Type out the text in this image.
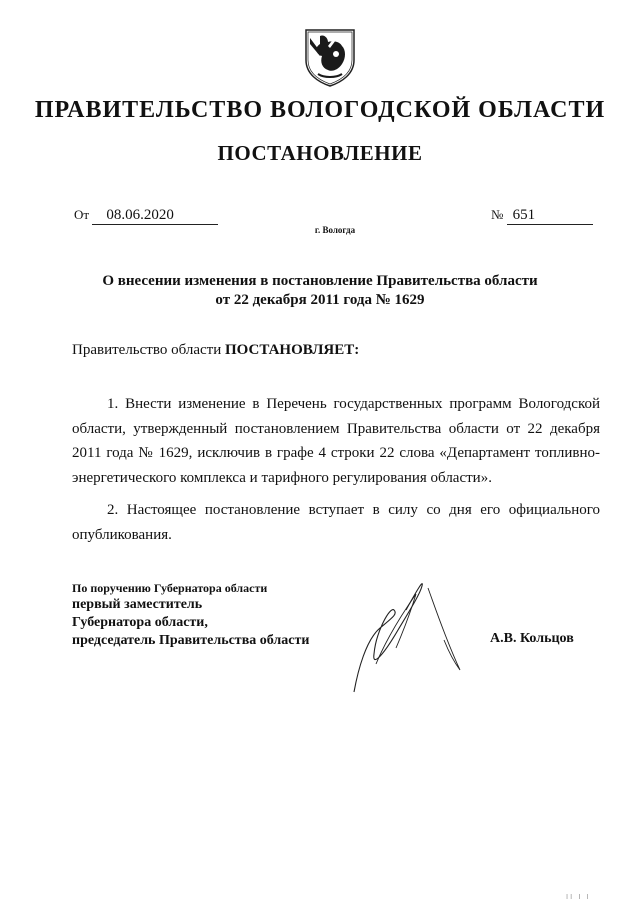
ПРАВИТЕЛЬСТВО ВОЛОГОДСКОЙ ОБЛАСТИ
ПОСТАНОВЛЕНИЕ
От 08.06.2020	№ 651
г. Вологда
О внесении изменения в постановление Правительства области
от 22 декабря 2011 года № 1629
Правительство области ПОСТАНОВЛЯЕТ:
1. Внести изменение в Перечень государственных программ Вологодской области, утвержденный постановлением Правительства области от 22 декабря 2011 года № 1629, исключив в графе 4 строки 22 слова «Департамент топливно-энергетического комплекса и тарифного регулирования области».
2. Настоящее постановление вступает в силу со дня его официального опубликования.
По поручению Губернатора области
первый заместитель
Губернатора области,
председатель Правительства области	А.В. Кольцов
II I I
